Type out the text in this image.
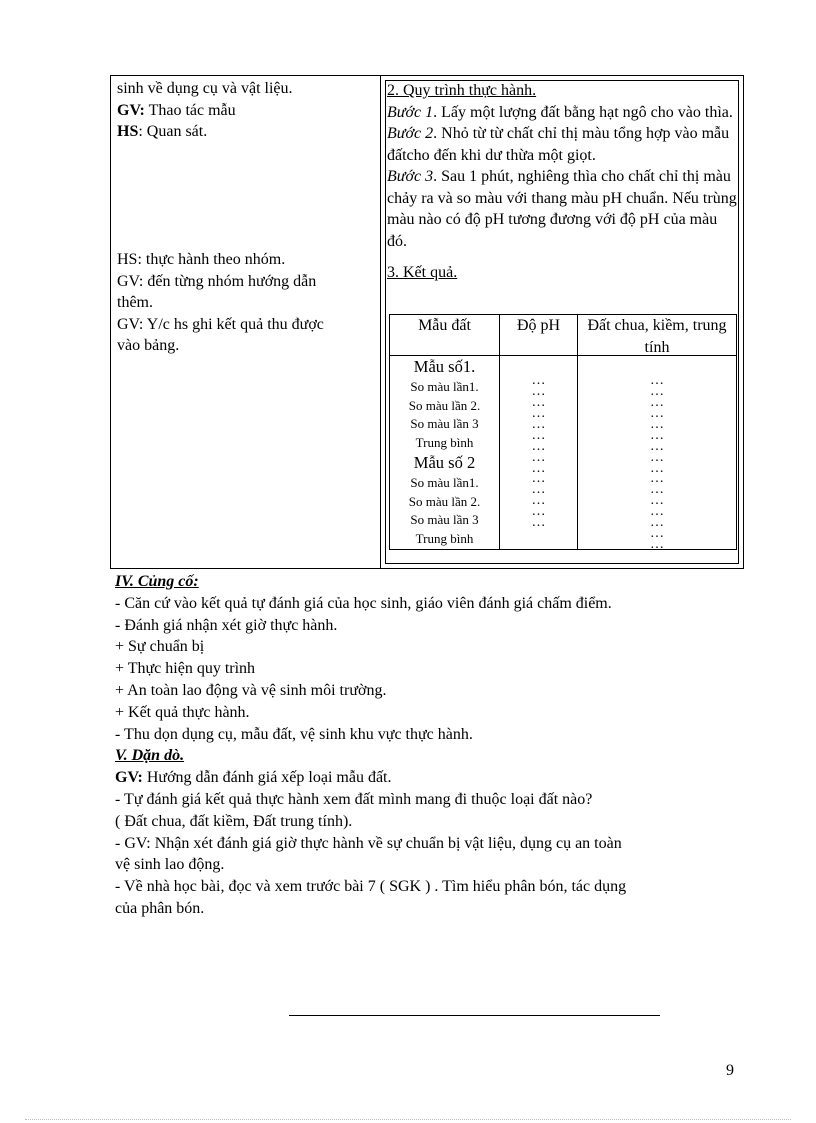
sinh về dụng cụ và vật liệu.

GV: Thao tác mẫu

HS: Quan sát.

HS: thực hành theo nhóm.

GV: đến từng nhóm hướng dẫn

thêm.

GV: Y/c hs ghi kết quả thu được

vào bảng.

2. Quy trình thực hành.

Bước 1. Lấy một lượng đất bằng hạt ngô cho vào thìa.

Bước 2. Nhỏ từ từ chất chỉ thị màu tổng hợp vào mẫu đấtcho đến khi dư thừa một giọt.

Bước 3. Sau 1 phút, nghiêng thìa cho chất chỉ thị màu chảy ra và so màu với thang màu pH chuẩn. Nếu trùng màu nào có độ pH tương đương với độ pH của màu đó.

3. Kết quả.

Mẫu đất	Độ pH	Đất chua, kiềm, trung tính
Mẫu số1.
So màu lần1.
So màu lần 2.
So màu lần 3
Trung bình
Mẫu số 2
So màu lần1.
So màu lần 2.
So màu lần 3
Trung bình
…
…
…
…
…
…
…
…
…
…
…
…
…
…
…
…
…
…
…
…
…
…
…
…
…
…
…
…
…
…

IV. Củng cố:

- Căn cứ vào kết quả tự đánh giá của học sinh, giáo viên đánh giá chấm điểm.

- Đánh giá nhận xét giờ thực hành.

+ Sự chuẩn bị

+ Thực hiện quy trình

+ An toàn lao động và vệ sinh môi trường.

+ Kết quả thực hành.

- Thu dọn dụng cụ, mẫu đất, vệ sinh khu vực thực hành.

V. Dặn dò.

GV: Hướng dẫn đánh giá xếp loại mẫu đất.

- Tự đánh giá kết quả thực hành xem đất mình mang đi thuộc loại đất nào?

( Đất chua, đất kiềm, Đất trung tính).

- GV: Nhận xét đánh giá giờ thực hành về sự chuẩn bị vật liệu, dụng cụ an toàn

vệ sinh lao động.

- Về nhà học bài, đọc và xem trước bài 7 ( SGK ) . Tìm hiểu phân bón, tác dụng

của phân bón.

9
